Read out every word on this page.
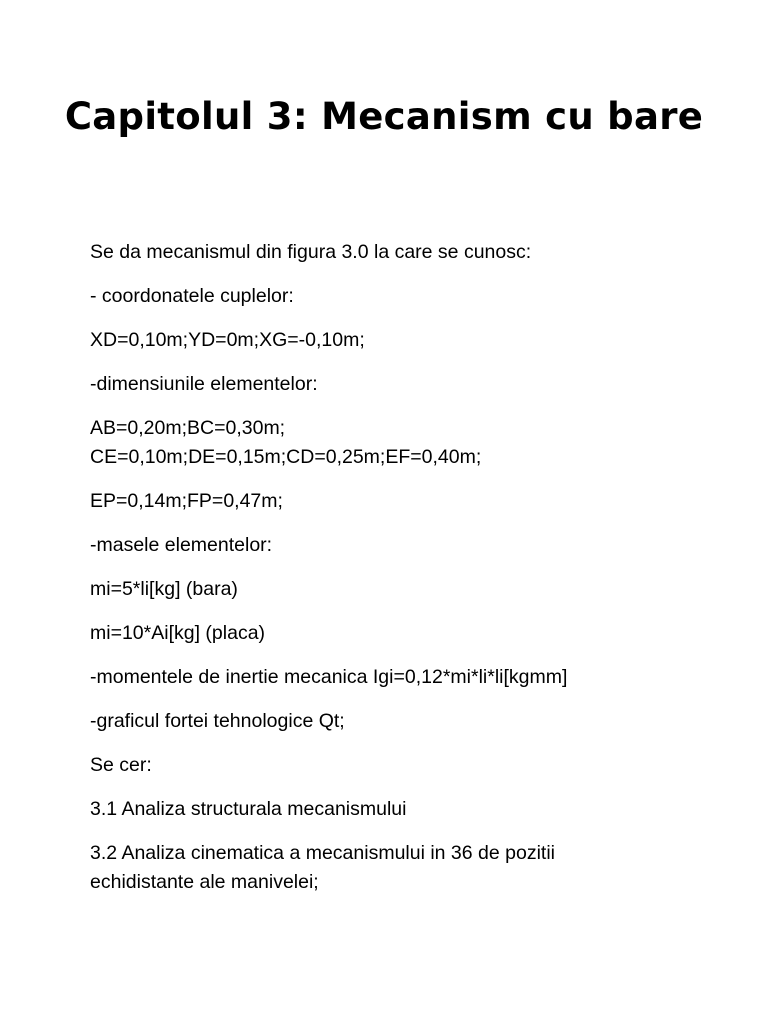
Capitolul 3: Mecanism cu bare

Se da mecanismul din figura 3.0 la care se cunosc:

- coordonatele cuplelor:

XD=0,10m;YD=0m;XG=-0,10m;

-dimensiunile elementelor:

AB=0,20m;BC=0,30m;
CE=0,10m;DE=0,15m;CD=0,25m;EF=0,40m;

EP=0,14m;FP=0,47m;

-masele elementelor:

mi=5*li[kg] (bara)

mi=10*Ai[kg] (placa)

-momentele de inertie mecanica Igi=0,12*mi*li*li[kgmm]

-graficul fortei tehnologice Qt;

Se cer:

3.1 Analiza structurala mecanismului

3.2 Analiza cinematica a mecanismului in 36 de pozitii
echidistante ale manivelei;
